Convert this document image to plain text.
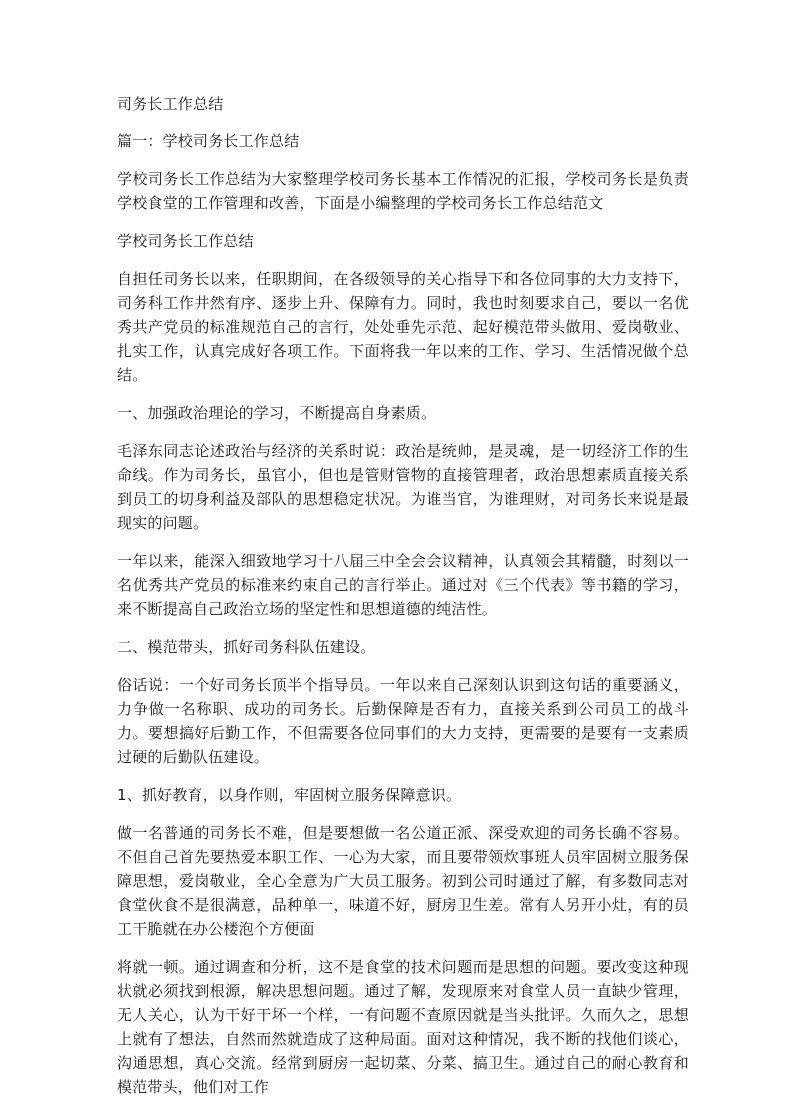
司务长工作总结

篇一：学校司务长工作总结

学校司务长工作总结为大家整理学校司务长基本工作情况的汇报，学校司务长是负责学校食堂的工作管理和改善，下面是小编整理的学校司务长工作总结范文

学校司务长工作总结

自担任司务长以来，任职期间，在各级领导的关心指导下和各位同事的大力支持下，司务科工作井然有序、逐步上升、保障有力。同时，我也时刻要求自己，要以一名优秀共产党员的标准规范自己的言行，处处垂先示范、起好模范带头做用、爱岗敬业、扎实工作，认真完成好各项工作。下面将我一年以来的工作、学习、生活情况做个总结。

一、加强政治理论的学习，不断提高自身素质。

毛泽东同志论述政治与经济的关系时说：政治是统帅，是灵魂，是一切经济工作的生命线。作为司务长，虽官小，但也是管财管物的直接管理者，政治思想素质直接关系到员工的切身利益及部队的思想稳定状况。为谁当官，为谁理财，对司务长来说是最现实的问题。

一年以来，能深入细致地学习十八届三中全会会议精神，认真领会其精髓，时刻以一名优秀共产党员的标准来约束自己的言行举止。通过对《三个代表》等书籍的学习，来不断提高自己政治立场的坚定性和思想道德的纯洁性。

二、模范带头，抓好司务科队伍建设。

俗话说：一个好司务长顶半个指导员。一年以来自己深刻认识到这句话的重要涵义，力争做一名称职、成功的司务长。后勤保障是否有力，直接关系到公司员工的战斗力。要想搞好后勤工作，不但需要各位同事们的大力支持，更需要的是要有一支素质过硬的后勤队伍建设。

1、抓好教育，以身作则，牢固树立服务保障意识。

做一名普通的司务长不难，但是要想做一名公道正派、深受欢迎的司务长确不容易。不但自己首先要热爱本职工作、一心为大家，而且要带领炊事班人员牢固树立服务保障思想，爱岗敬业，全心全意为广大员工服务。初到公司时通过了解，有多数同志对食堂伙食不是很满意，品种单一，味道不好，厨房卫生差。常有人另开小灶，有的员工干脆就在办公楼泡个方便面

将就一顿。通过调查和分析，这不是食堂的技术问题而是思想的问题。要改变这种现状就必须找到根源，解决思想问题。通过了解，发现原来对食堂人员一直缺少管理，无人关心，认为干好干坏一个样，一有问题不查原因就是当头批评。久而久之，思想上就有了想法，自然而然就造成了这种局面。面对这种情况，我不断的找他们谈心，沟通思想，真心交流。经常到厨房一起切菜、分菜、搞卫生。通过自己的耐心教育和模范带头，他们对工作
